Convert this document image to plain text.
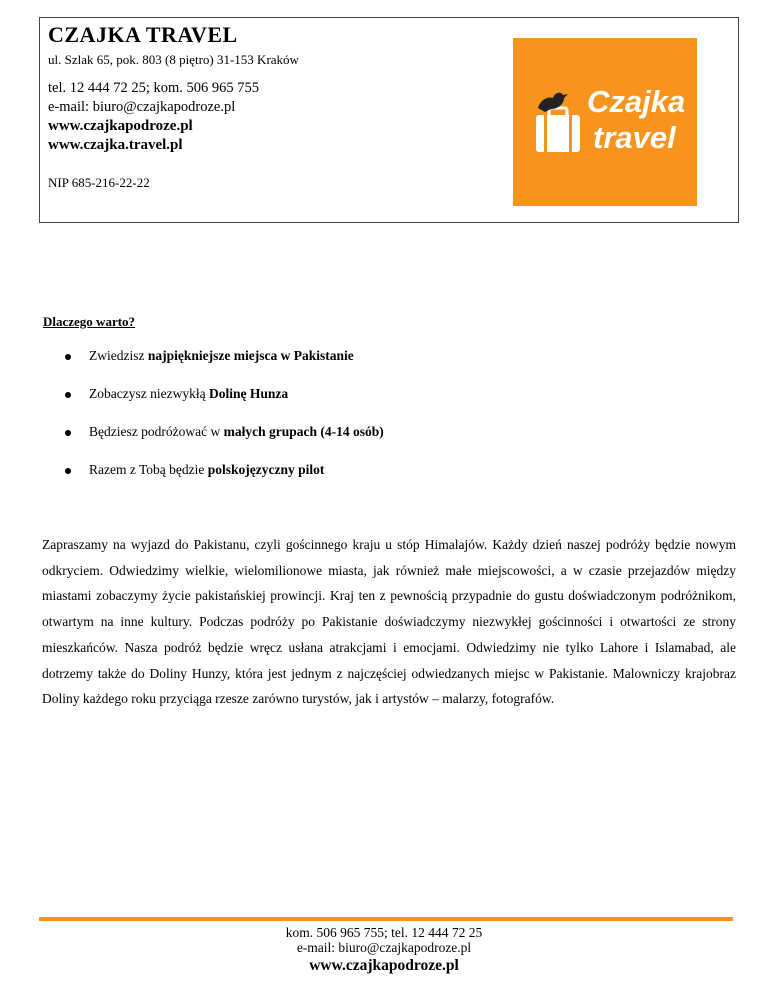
CZAJKA TRAVEL
ul. Szlak 65, pok. 803 (8 piętro) 31-153 Kraków
tel. 12 444 72 25; kom. 506 965 755
e-mail: biuro@czajkapodroze.pl
www.czajkapodroze.pl
www.czajka.travel.pl
NIP 685-216-22-22
Czajka
travel
Dlaczego warto?
Zwiedzisz najpiękniejsze miejsca w Pakistanie
Zobaczysz niezwykłą Dolinę Hunza
Będziesz podróżować w małych grupach (4-14 osób)
Razem z Tobą będzie polskojęzyczny pilot
Zapraszamy na wyjazd do Pakistanu, czyli gościnnego kraju u stóp Himalajów. Każdy dzień naszej podróży będzie nowym odkryciem. Odwiedzimy wielkie, wielomilionowe miasta, jak również małe miejscowości, a w czasie przejazdów między miastami zobaczymy życie pakistańskiej prowincji. Kraj ten z pewnością przypadnie do gustu doświadczonym podróżnikom, otwartym na inne kultury. Podczas podróży po Pakistanie doświadczymy niezwykłej gościnności i otwartości ze strony mieszkańców. Nasza podróż będzie wręcz usłana atrakcjami i emocjami. Odwiedzimy nie tylko Lahore i Islamabad, ale dotrzemy także do Doliny Hunzy, która jest jednym z najczęściej odwiedzanych miejsc w Pakistanie. Malowniczy krajobraz Doliny każdego roku przyciąga rzesze zarówno turystów, jak i artystów – malarzy, fotografów.
kom. 506 965 755; tel. 12 444 72 25
e-mail: biuro@czajkapodroze.pl
www.czajkapodroze.pl
